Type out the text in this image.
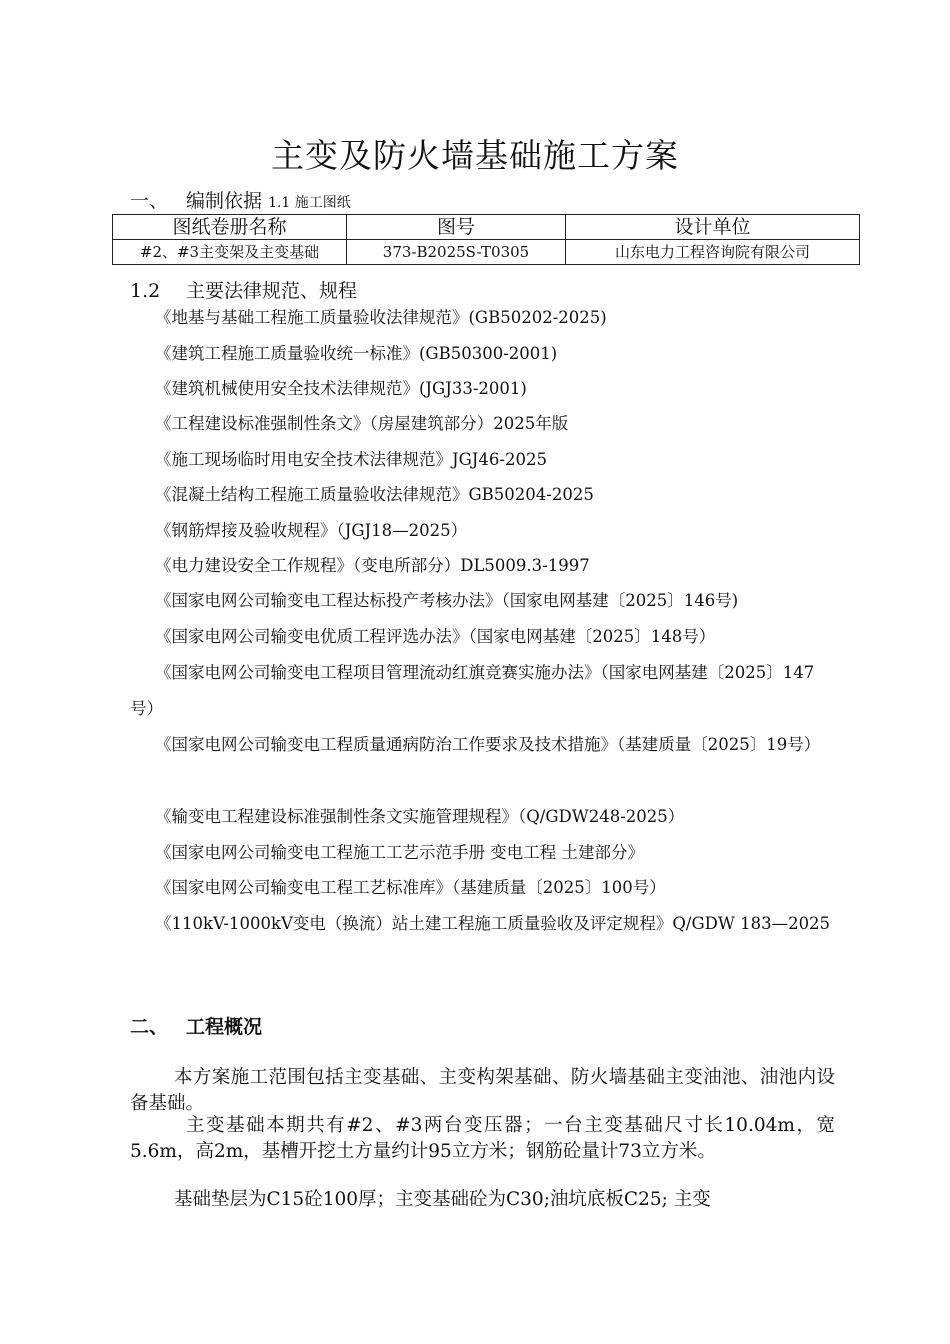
主变及防火墙基础施工方案
一、 编制依据 1.1 施工图纸
图纸卷册名称	图号	设计单位
#2、#3主变架及主变基础	373-B2025S-T0305	山东电力工程咨询院有限公司
1.2 主要法律规范、规程
《地基与基础工程施工质量验收法律规范》(GB50202-2025)
《建筑工程施工质量验收统一标准》(GB50300-2001)
《建筑机械使用安全技术法律规范》(JGJ33-2001)
《工程建设标准强制性条文》（房屋建筑部分）2025年版
《施工现场临时用电安全技术法律规范》JGJ46-2025
《混凝土结构工程施工质量验收法律规范》GB50204-2025
《钢筋焊接及验收规程》（JGJ18—2025）
《电力建设安全工作规程》（变电所部分）DL5009.3-1997
《国家电网公司输变电工程达标投产考核办法》（国家电网基建〔2025〕146号)
《国家电网公司输变电优质工程评选办法》（国家电网基建〔2025〕148号）
《国家电网公司输变电工程项目管理流动红旗竞赛实施办法》（国家电网基建〔2025〕147号）
《国家电网公司输变电工程质量通病防治工作要求及技术措施》（基建质量〔2025〕19号）
《输变电工程建设标准强制性条文实施管理规程》（Q/GDW248-2025）
《国家电网公司输变电工程施工工艺示范手册 变电工程 土建部分》
《国家电网公司输变电工程工艺标准库》（基建质量〔2025〕100号）
《110kV-1000kV变电（换流）站土建工程施工质量验收及评定规程》Q/GDW 183—2025
二、 工程概况
本方案施工范围包括主变基础、主变构架基础、防火墙基础主变油池、油池内设备基础。
主变基础本期共有#2、#3两台变压器；一台主变基础尺寸长10.04m，宽5.6m，高2m，基槽开挖土方量约计95立方米；钢筋砼量计73立方米。
基础垫层为C15砼100厚；主变基础砼为C30;油坑底板C25; 主变
